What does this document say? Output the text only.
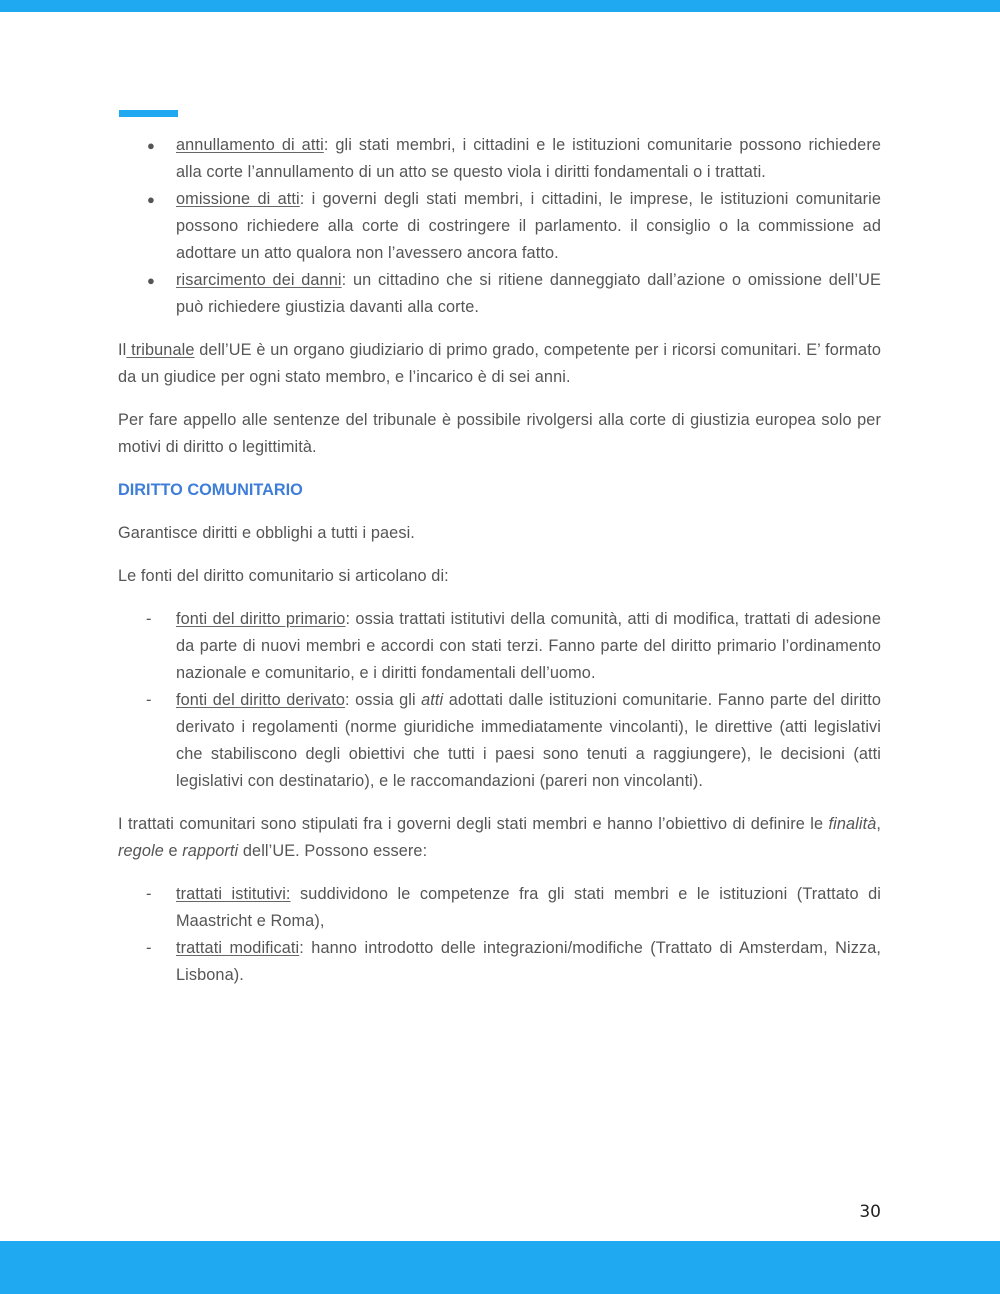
●	annullamento di atti: gli stati membri, i cittadini e le istituzioni comunitarie possono richiedere alla corte l’annullamento di un atto se questo viola i diritti fondamentali o i trattati.
●	omissione di atti: i governi degli stati membri, i cittadini, le imprese, le istituzioni comunitarie possono richiedere alla corte di costringere il parlamento. il consiglio o la commissione ad adottare un atto qualora non l’avessero ancora fatto.
●	risarcimento dei danni: un cittadino che si ritiene danneggiato dall’azione o omissione dell’UE può richiedere giustizia davanti alla corte.

Il tribunale dell’UE è un organo giudiziario di primo grado, competente per i ricorsi comunitari. E’ formato da un giudice per ogni stato membro, e l’incarico è di sei anni.

Per fare appello alle sentenze del tribunale è possibile rivolgersi alla corte di giustizia europea solo per motivi di diritto o legittimità.

DIRITTO COMUNITARIO

Garantisce diritti e obblighi a tutti i paesi.

Le fonti del diritto comunitario si articolano di:

-	fonti del diritto primario: ossia trattati istitutivi della comunità, atti di modifica, trattati di adesione da parte di nuovi membri e accordi con stati terzi. Fanno parte del diritto primario l’ordinamento nazionale e comunitario, e i diritti fondamentali dell’uomo.
-	fonti del diritto derivato: ossia gli atti adottati dalle istituzioni comunitarie. Fanno parte del diritto derivato i regolamenti (norme giuridiche immediatamente vincolanti), le direttive (atti legislativi che stabiliscono degli obiettivi che tutti i paesi sono tenuti a raggiungere), le decisioni (atti legislativi con destinatario), e le raccomandazioni (pareri non vincolanti).

I trattati comunitari sono stipulati fra i governi degli stati membri e hanno l’obiettivo di definire le finalità, regole e rapporti dell’UE. Possono essere:

-	trattati istitutivi: suddividono le competenze fra gli stati membri e le istituzioni (Trattato di Maastricht e Roma),
-	trattati modificati: hanno introdotto delle integrazioni/modifiche (Trattato di Amsterdam, Nizza, Lisbona).
30
